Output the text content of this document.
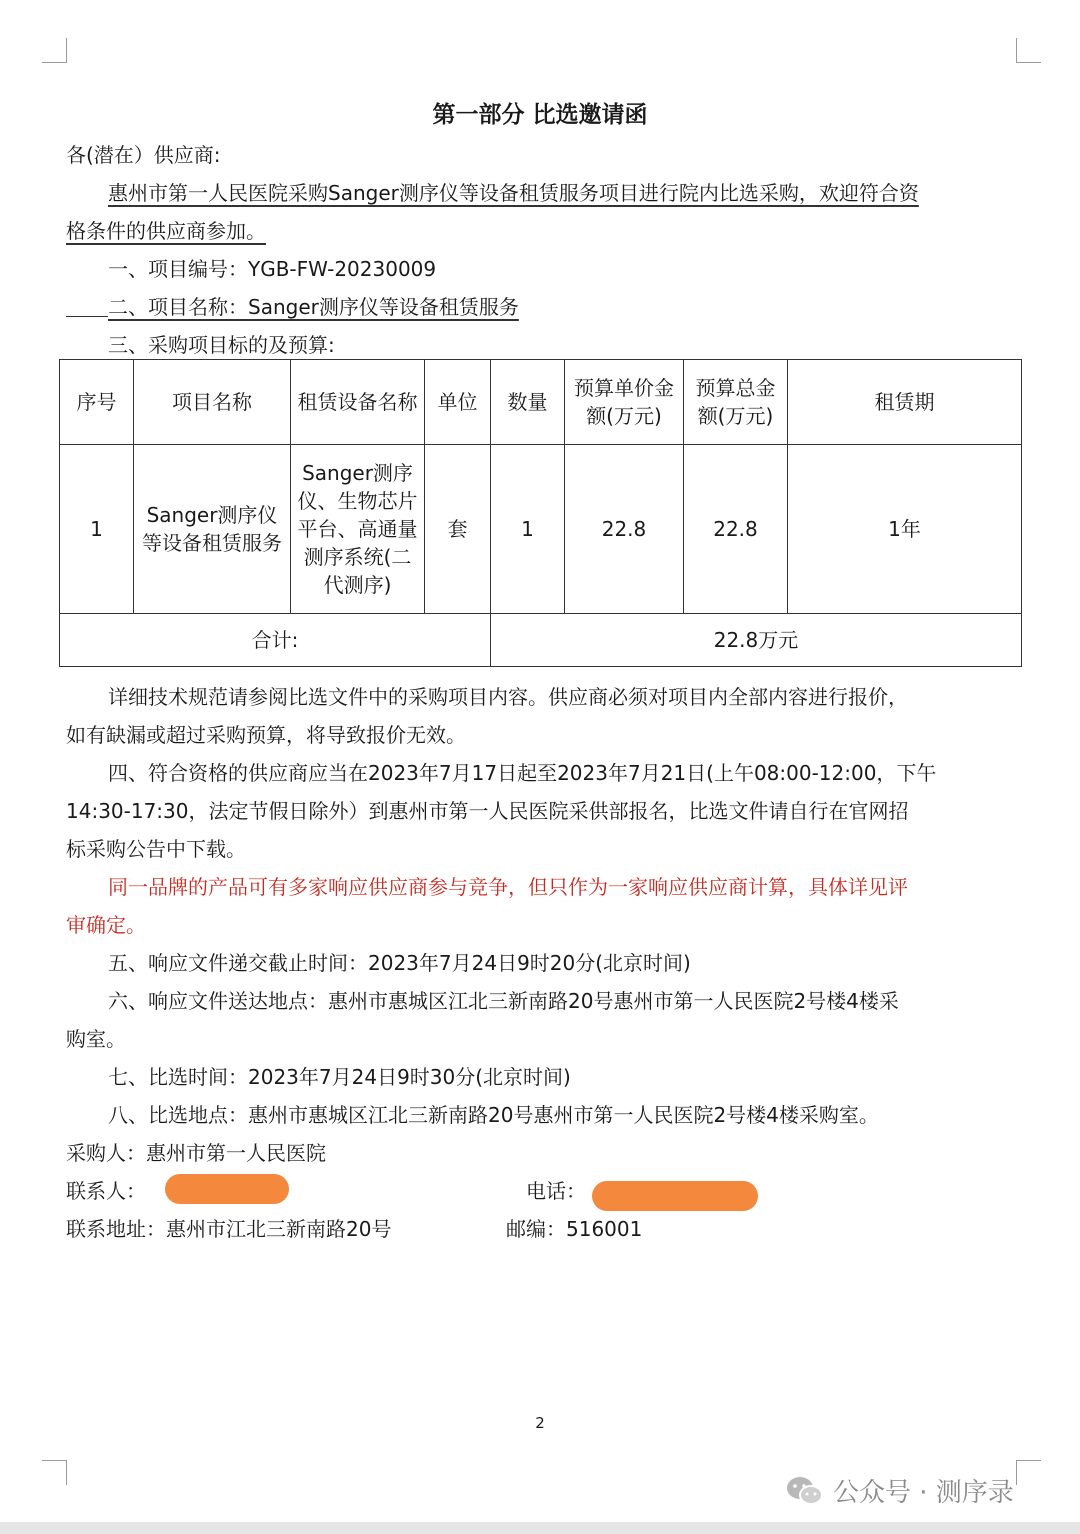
第一部分 比选邀请函
各(潜在）供应商:
惠州市第一人民医院采购Sanger测序仪等设备租赁服务项目进行院内比选采购，欢迎符合资
格条件的供应商参加。
一、项目编号：YGB-FW-20230009
二、项目名称：Sanger测序仪等设备租赁服务
三、采购项目标的及预算:
序号	项目名称	租赁设备名称	单位	数量	预算单价金额(万元)	预算总金额(万元)	租赁期
1	Sanger测序仪等设备租赁服务	Sanger测序仪、生物芯片平台、高通量测序系统(二代测序)	套	1	22.8	22.8	1年
合计:				22.8万元			
详细技术规范请参阅比选文件中的采购项目内容。供应商必须对项目内全部内容进行报价，
如有缺漏或超过采购预算，将导致报价无效。
四、符合资格的供应商应当在2023年7月17日起至2023年7月21日(上午08:00-12:00，下午
14:30-17:30，法定节假日除外）到惠州市第一人民医院采供部报名，比选文件请自行在官网招
标采购公告中下载。
同一品牌的产品可有多家响应供应商参与竞争，但只作为一家响应供应商计算，具体详见评
审确定。
五、响应文件递交截止时间：2023年7月24日9时20分(北京时间)
六、响应文件送达地点：惠州市惠城区江北三新南路20号惠州市第一人民医院2号楼4楼采
购室。
七、比选时间：2023年7月24日9时30分(北京时间)
八、比选地点：惠州市惠城区江北三新南路20号惠州市第一人民医院2号楼4楼采购室。
采购人：惠州市第一人民医院
联系人：	电话：
联系地址：惠州市江北三新南路20号	邮编：516001
2
公众号 · 测序录
